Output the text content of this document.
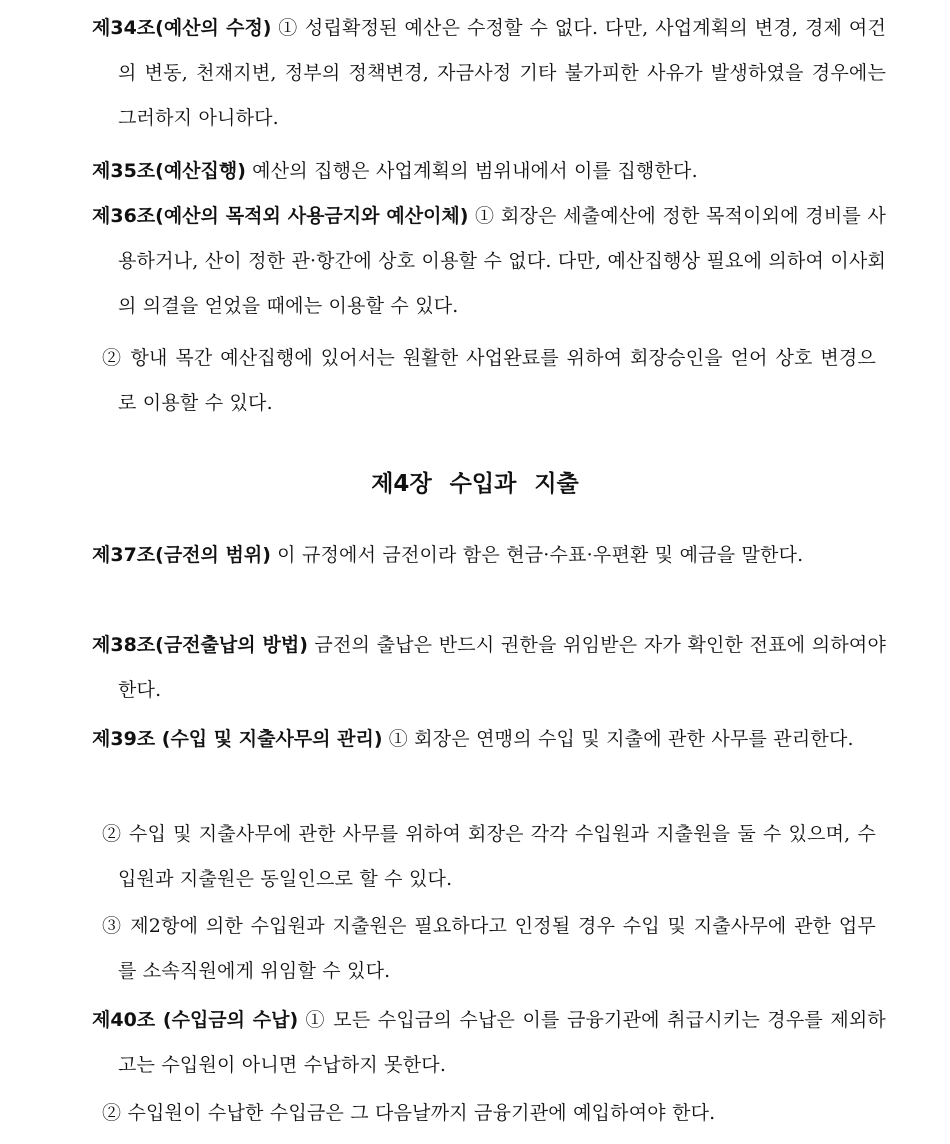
제34조(예산의 수정) ① 성립확정된 예산은 수정할 수 없다. 다만, 사업계획의 변경, 경제 여건의 변동, 천재지변, 정부의 정책변경, 자금사정 기타 불가피한 사유가 발생하였을 경우에는 그러하지 아니하다.

제35조(예산집행) 예산의 집행은 사업계획의 범위내에서 이를 집행한다.

제36조(예산의 목적외 사용금지와 예산이체) ① 회장은 세출예산에 정한 목적이외에 경비를 사용하거나, 산이 정한 관·항간에 상호 이용할 수 없다. 다만, 예산집행상 필요에 의하여 이사회의 의결을 얻었을 때에는 이용할 수 있다.

② 항내 목간 예산집행에 있어서는 원활한 사업완료를 위하여 회장승인을 얻어 상호 변경으로 이용할 수 있다.

제4장 수입과 지출

제37조(금전의 범위) 이 규정에서 금전이라 함은 현금·수표·우편환 및 예금을 말한다.

제38조(금전출납의 방법) 금전의 출납은 반드시 권한을 위임받은 자가 확인한 전표에 의하여야 한다.

제39조 (수입 및 지출사무의 관리) ① 회장은 연맹의 수입 및 지출에 관한 사무를 관리한다.

② 수입 및 지출사무에 관한 사무를 위하여 회장은 각각 수입원과 지출원을 둘 수 있으며, 수입원과 지출원은 동일인으로 할 수 있다.

③ 제2항에 의한 수입원과 지출원은 필요하다고 인정될 경우 수입 및 지출사무에 관한 업무를 소속직원에게 위임할 수 있다.

제40조 (수입금의 수납) ① 모든 수입금의 수납은 이를 금융기관에 취급시키는 경우를 제외하고는 수입원이 아니면 수납하지 못한다.

② 수입원이 수납한 수입금은 그 다음날까지 금융기관에 예입하여야 한다.
